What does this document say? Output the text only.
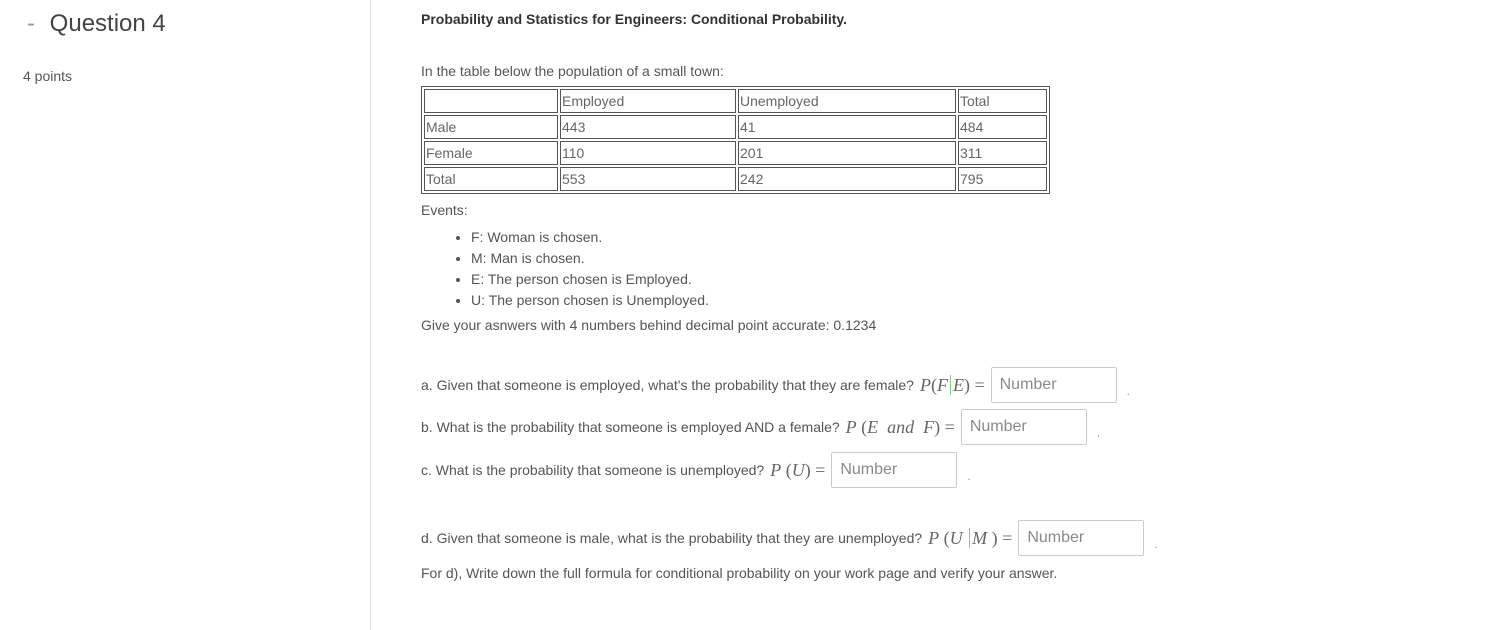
- Question 4
4 points
Probability and Statistics for Engineers: Conditional Probability.
In the table below the population of a small town:
	Employed	Unemployed	Total
Male	443	41	484
Female	110	201	311
Total	553	242	795
Events:
• F: Woman is chosen.
• M: Man is chosen.
• E: The person chosen is Employed.
• U: The person chosen is Unemployed.
Give your asnwers with 4 numbers behind decimal point accurate: 0.1234
a. Given that someone is employed, what's the probability that they are female? P(F E) =
Number	.
b. What is the probability that someone is employed AND a female? P (E and F) =
Number	.
c. What is the probability that someone is unemployed? P (U) =
Number	.
d. Given that someone is male, what is the probability that they are unemployed? P (U M ) =
Number	.
For d), Write down the full formula for conditional probability on your work page and verify your answer.
